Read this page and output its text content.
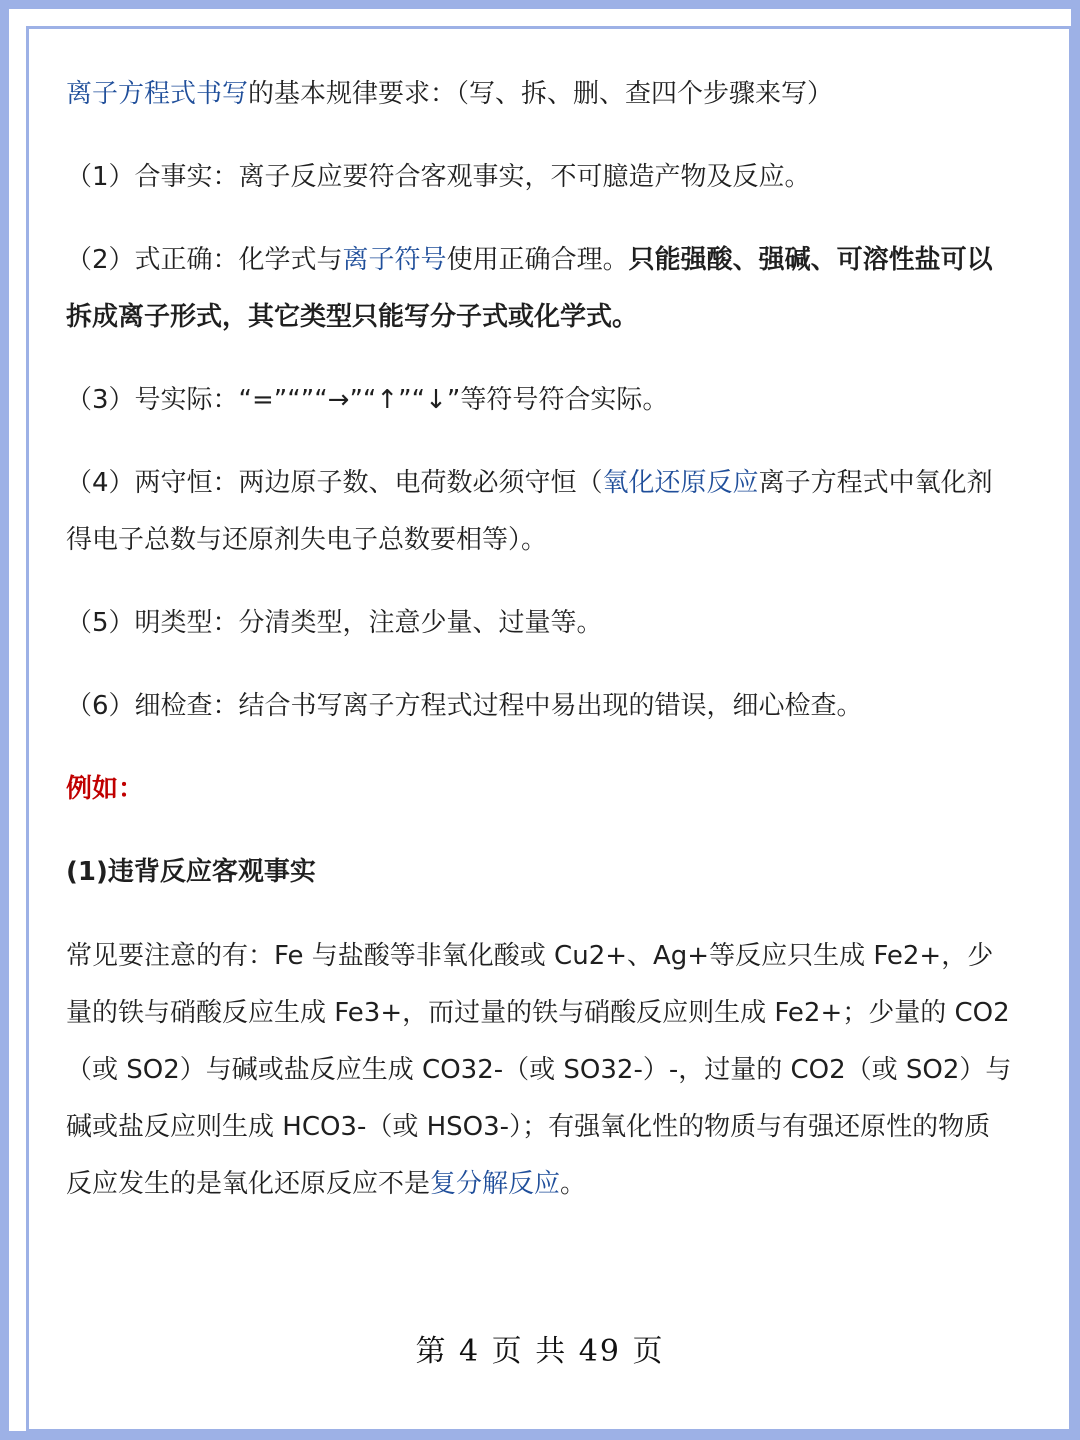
离子方程式书写的基本规律要求：（写、拆、删、查四个步骤来写）

（1）合事实：离子反应要符合客观事实，不可臆造产物及反应。

（2）式正确：化学式与离子符号使用正确合理。只能强酸、强碱、可溶性盐可以拆成离子形式，其它类型只能写分子式或化学式。

（3）号实际：“=”“”“→”“↑”“↓”等符号符合实际。

（4）两守恒：两边原子数、电荷数必须守恒（氧化还原反应离子方程式中氧化剂得电子总数与还原剂失电子总数要相等）。

（5）明类型：分清类型，注意少量、过量等。

（6）细检查：结合书写离子方程式过程中易出现的错误，细心检查。

例如：

(1)违背反应客观事实

常见要注意的有：Fe 与盐酸等非氧化酸或 Cu2+、Ag+等反应只生成 Fe2+，少量的铁与硝酸反应生成 Fe3+，而过量的铁与硝酸反应则生成 Fe2+；少量的 CO2（或 SO2）与碱或盐反应生成 CO32-（或 SO32-）-，过量的 CO2（或 SO2）与碱或盐反应则生成 HCO3-（或 HSO3-）；有强氧化性的物质与有强还原性的物质反应发生的是氧化还原反应不是复分解反应。

第 4 页 共 49 页
